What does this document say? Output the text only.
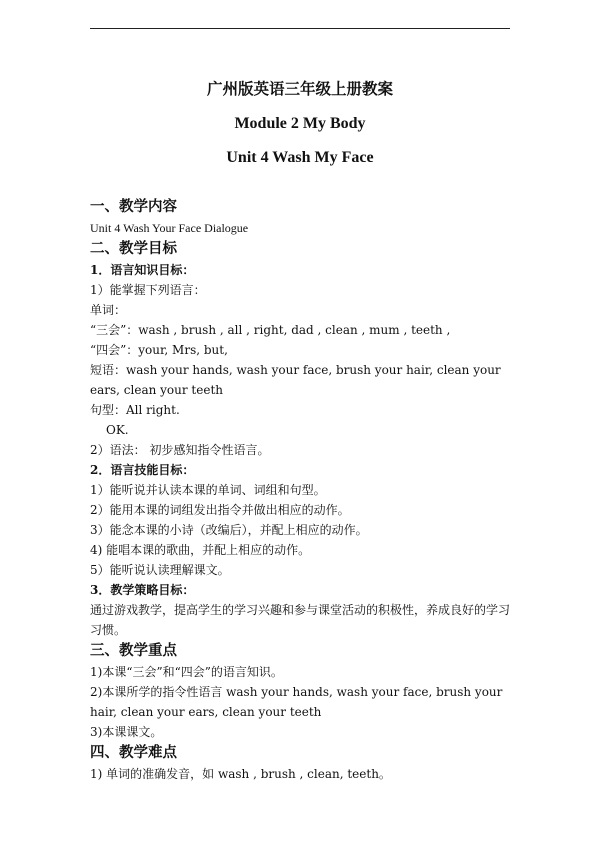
广州版英语三年级上册教案
Module 2 My Body
Unit 4 Wash My Face
一、教学内容
Unit 4 Wash Your Face Dialogue
二、教学目标
1．语言知识目标：
1）能掌握下列语言：
单词：
“三会”：wash , brush , all , right, dad , clean , mum , teeth ,
“四会”：your, Mrs, but,
短语：wash your hands, wash your face, brush your hair, clean your ears, clean your teeth
句型：All right.
OK.
2）语法： 初步感知指令性语言。
2．语言技能目标：
1）能听说并认读本课的单词、词组和句型。
2）能用本课的词组发出指令并做出相应的动作。
3）能念本课的小诗（改编后），并配上相应的动作。
4) 能唱本课的歌曲，并配上相应的动作。
5）能听说认读理解课文。
3．教学策略目标：
通过游戏教学，提高学生的学习兴趣和参与课堂活动的积极性，养成良好的学习习惯。
三、教学重点
1)本课“三会”和“四会”的语言知识。
2)本课所学的指令性语言 wash your hands, wash your face, brush your hair, clean your ears, clean your teeth
3)本课课文。
四、教学难点
1) 单词的准确发音，如 wash , brush , clean, teeth。
